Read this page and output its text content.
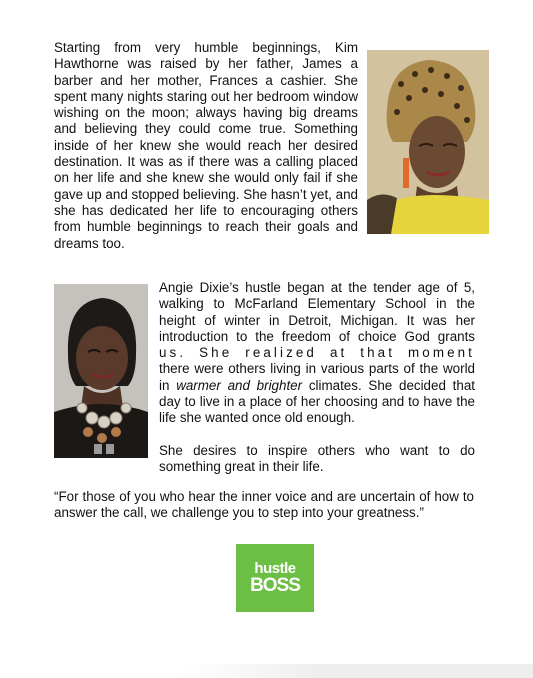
Starting from very humble beginnings, Kim Hawthorne was raised by her father, James a barber and her mother, Frances a cashier. She spent many nights staring out her bedroom window wishing on the moon; always having big dreams and believing they could come true. Something inside of her knew she would reach her desired destination. It was as if there was a calling placed on her life and she knew she would only fail if she gave up and stopped believing. She hasn’t yet, and she has dedicated her life to encouraging others from humble beginnings to reach their goals and dreams too.

Angie Dixie’s hustle began at the tender age of 5, walking to McFarland Elementary School in the height of winter in Detroit, Michigan. It was her introduction to the freedom of choice God grants us. She realized at that moment there were others living in various parts of the world in warmer and brighter climates. She decided that day to live in a place of her choosing and to have the life she wanted once old enough.

She desires to inspire others who want to do something great in their life.

“For those of you who hear the inner voice and are uncertain of how to answer the call, we challenge you to step into your greatness.”

hustle
BOSS
